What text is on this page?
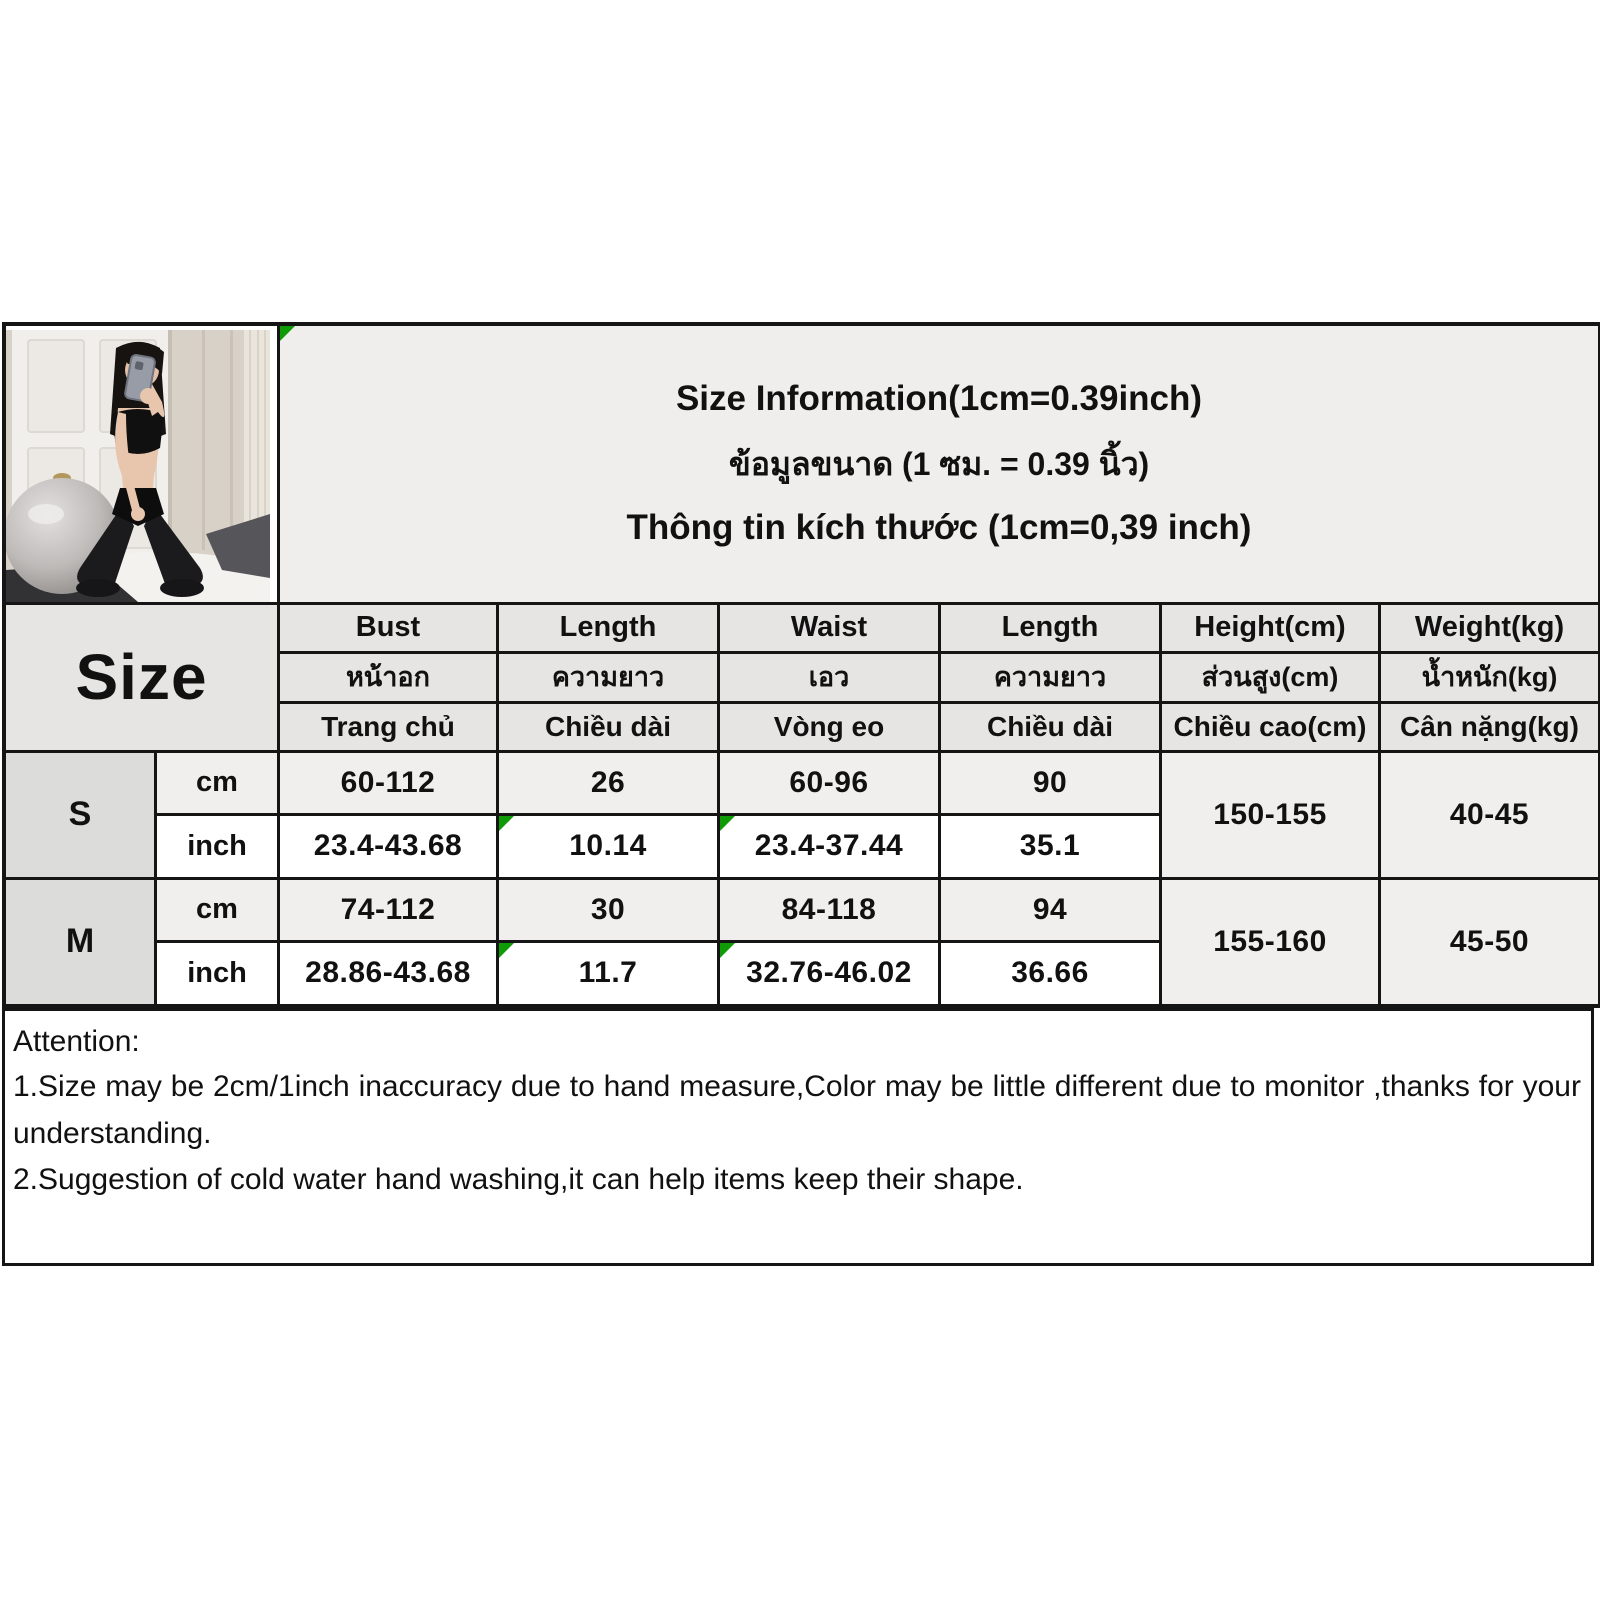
Size Information(1cm=0.39inch)
ข้อมูลขนาด (1 ซม. = 0.39 นิ้ว)
Thông tin kích thước (1cm=0,39 inch)
Size
Bust	Length	Waist	Length	Height(cm)	Weight(kg)
หน้าอก	ความยาว	เอว	ความยาว	ส่วนสูง(cm)	น้ำหนัก(kg)
Trang chủ	Chiều dài	Vòng eo	Chiều dài	Chiều cao(cm)	Cân nặng(kg)
S
cm	60-112	26	60-96	90
150-155	40-45
inch	23.4-43.68	10.14	23.4-37.44	35.1
M
cm	74-112	30	84-118	94
155-160	45-50
inch	28.86-43.68	11.7	32.76-46.02	36.66
Attention:

1.Size may be 2cm/1inch inaccuracy due to hand measure,Color may be little different due to monitor ,thanks for your understanding.

2.Suggestion of cold water hand washing,it can help items keep their shape.
